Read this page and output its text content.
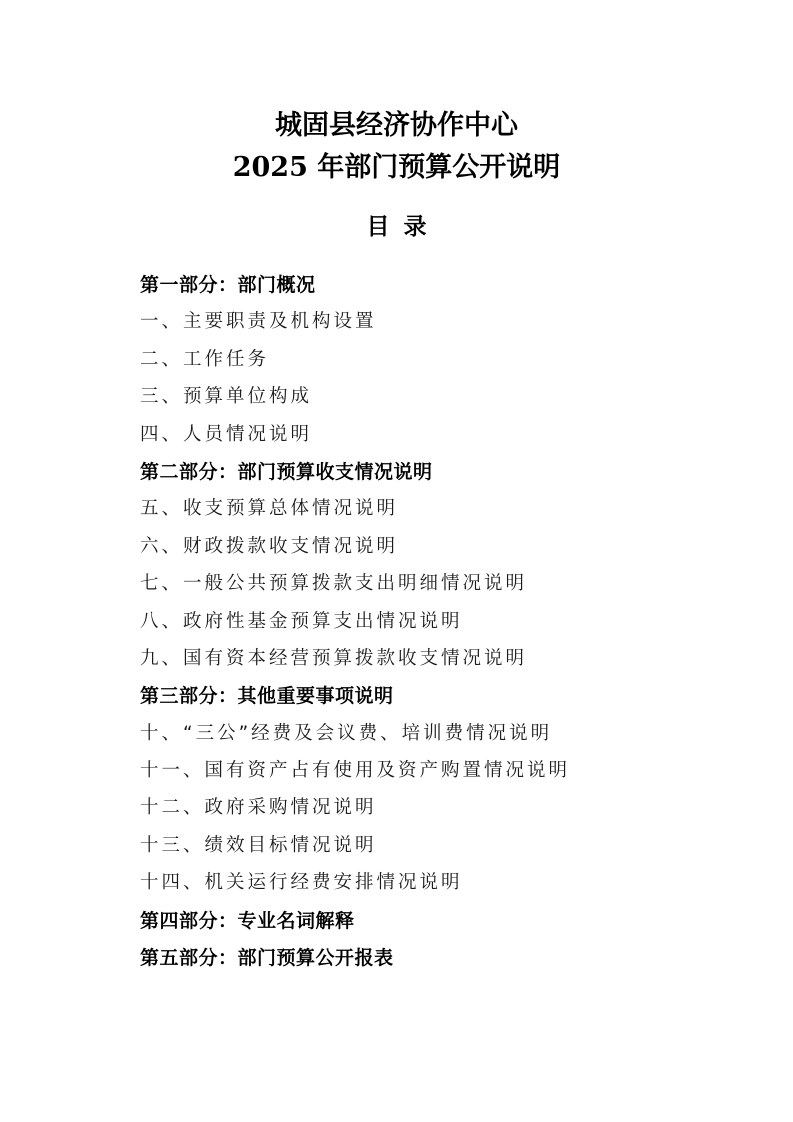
城固县经济协作中心
2025 年部门预算公开说明
目录
第一部分：部门概况
一、主要职责及机构设置
二、工作任务
三、预算单位构成
四、人员情况说明
第二部分：部门预算收支情况说明
五、收支预算总体情况说明
六、财政拨款收支情况说明
七、一般公共预算拨款支出明细情况说明
八、政府性基金预算支出情况说明
九、国有资本经营预算拨款收支情况说明
第三部分：其他重要事项说明
十、“三公”经费及会议费、培训费情况说明
十一、国有资产占有使用及资产购置情况说明
十二、政府采购情况说明
十三、绩效目标情况说明
十四、机关运行经费安排情况说明
第四部分：专业名词解释
第五部分：部门预算公开报表
